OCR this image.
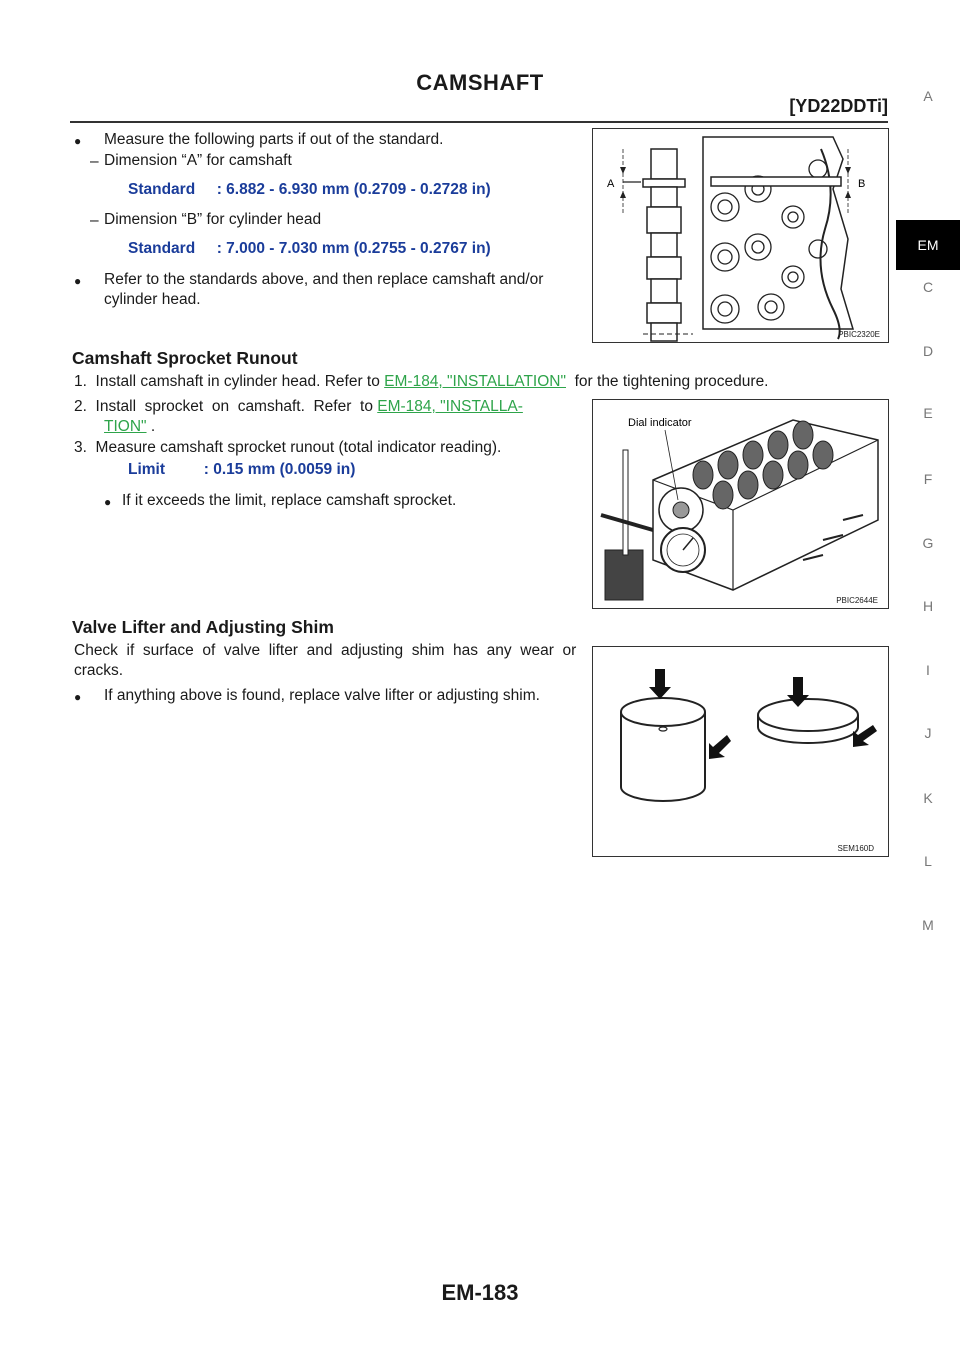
CAMSHAFT
[YD22DDTi]
● Measure the following parts if out of the standard.
– Dimension “A” for camshaft
Standard     : 6.882 - 6.930 mm (0.2709 - 0.2728 in)
– Dimension “B” for cylinder head
Standard     : 7.000 - 7.030 mm (0.2755 - 0.2767 in)
● Refer to the standards above, and then replace camshaft and/or
cylinder head.
A	B
PBIC2320E
Camshaft Sprocket Runout
1.  Install camshaft in cylinder head. Refer to EM-184, "INSTALLATION"  for the tightening procedure.
2.  Install  sprocket  on  camshaft.  Refer  to EM-184, "INSTALLA-
TION" .
3.  Measure camshaft sprocket runout (total indicator reading).
Limit         : 0.15 mm (0.0059 in)
● If it exceeds the limit, replace camshaft sprocket.
Dial indicator
PBIC2644E
Valve Lifter and Adjusting Shim
Check  if  surface  of  valve  lifter  and  adjusting  shim  has  any  wear  or
cracks.
● If anything above is found, replace valve lifter or adjusting shim.
SEM160D
A
EM
C
D
E
F
G
H
I
J
K
L
M
EM-183
